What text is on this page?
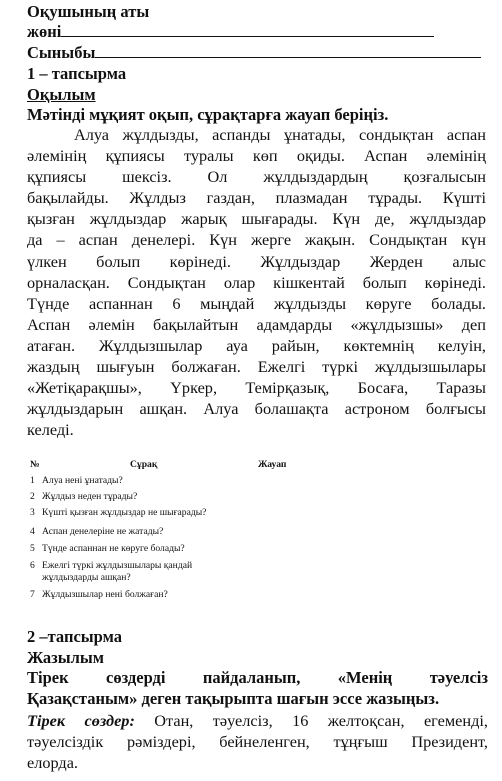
Оқушының аты
жөні
Сыныбы
1 – тапсырма
Оқылым
Мәтінді мұқият оқып, сұрақтарға жауап беріңіз.
Алуа жұлдызды, аспанды ұнатады, сондықтан аспан
әлемінің құпиясы туралы көп оқиды. Аспан әлемінің
құпиясы шексіз. Ол жұлдыздардың қозғалысын
бақылайды. Жұлдыз газдан, плазмадан тұрады. Күшті
қызған жұлдыздар жарық шығарады. Күн де, жұлдыздар
да – аспан денелері. Күн жерге жақын. Сондықтан күн
үлкен болып көрінеді. Жұлдыздар Жерден алыс
орналасқан. Сондықтан олар кішкентай болып көрінеді.
Түнде аспаннан 6 мыңдай жұлдызды көруге болады.
Аспан әлемін бақылайтын адамдарды «жұлдызшы» деп
атаған. Жұлдызшылар ауа райын, көктемнің келуін,
жаздың шығуын болжаған. Ежелгі түркі жұлдызшылары
«Жетіқарақшы», Үркер, Темірқазық, Босаға, Таразы
жұлдыздарын ашқан. Алуа болашақта астроном болғысы
келеді.
№	Сұрақ	Жауап
1 Алуа нені ұнатады?
2 Жұлдыз неден тұрады?
3 Күшті қызған жұлдыздар не шығарады?
4 Аспан денелеріне не жатады?
5 Түнде аспаннан не көруге болады?
6 Ежелгі түркі жұлдызшылары қандай
жұлдыздарды ашқан?
7 Жұлдызшылар нені болжаған?
2 –тапсырма
Жазылым
Тірек сөздерді пайдаланып, «Менің тәуелсіз
Қазақстаным» деген тақырыпта шағын эссе жазыңыз.
Тірек сөздер: Отан, тәуелсіз, 16 желтоқсан, егеменді,
тәуелсіздік рәміздері, бейнеленген, тұңғыш Президент,
елорда.
